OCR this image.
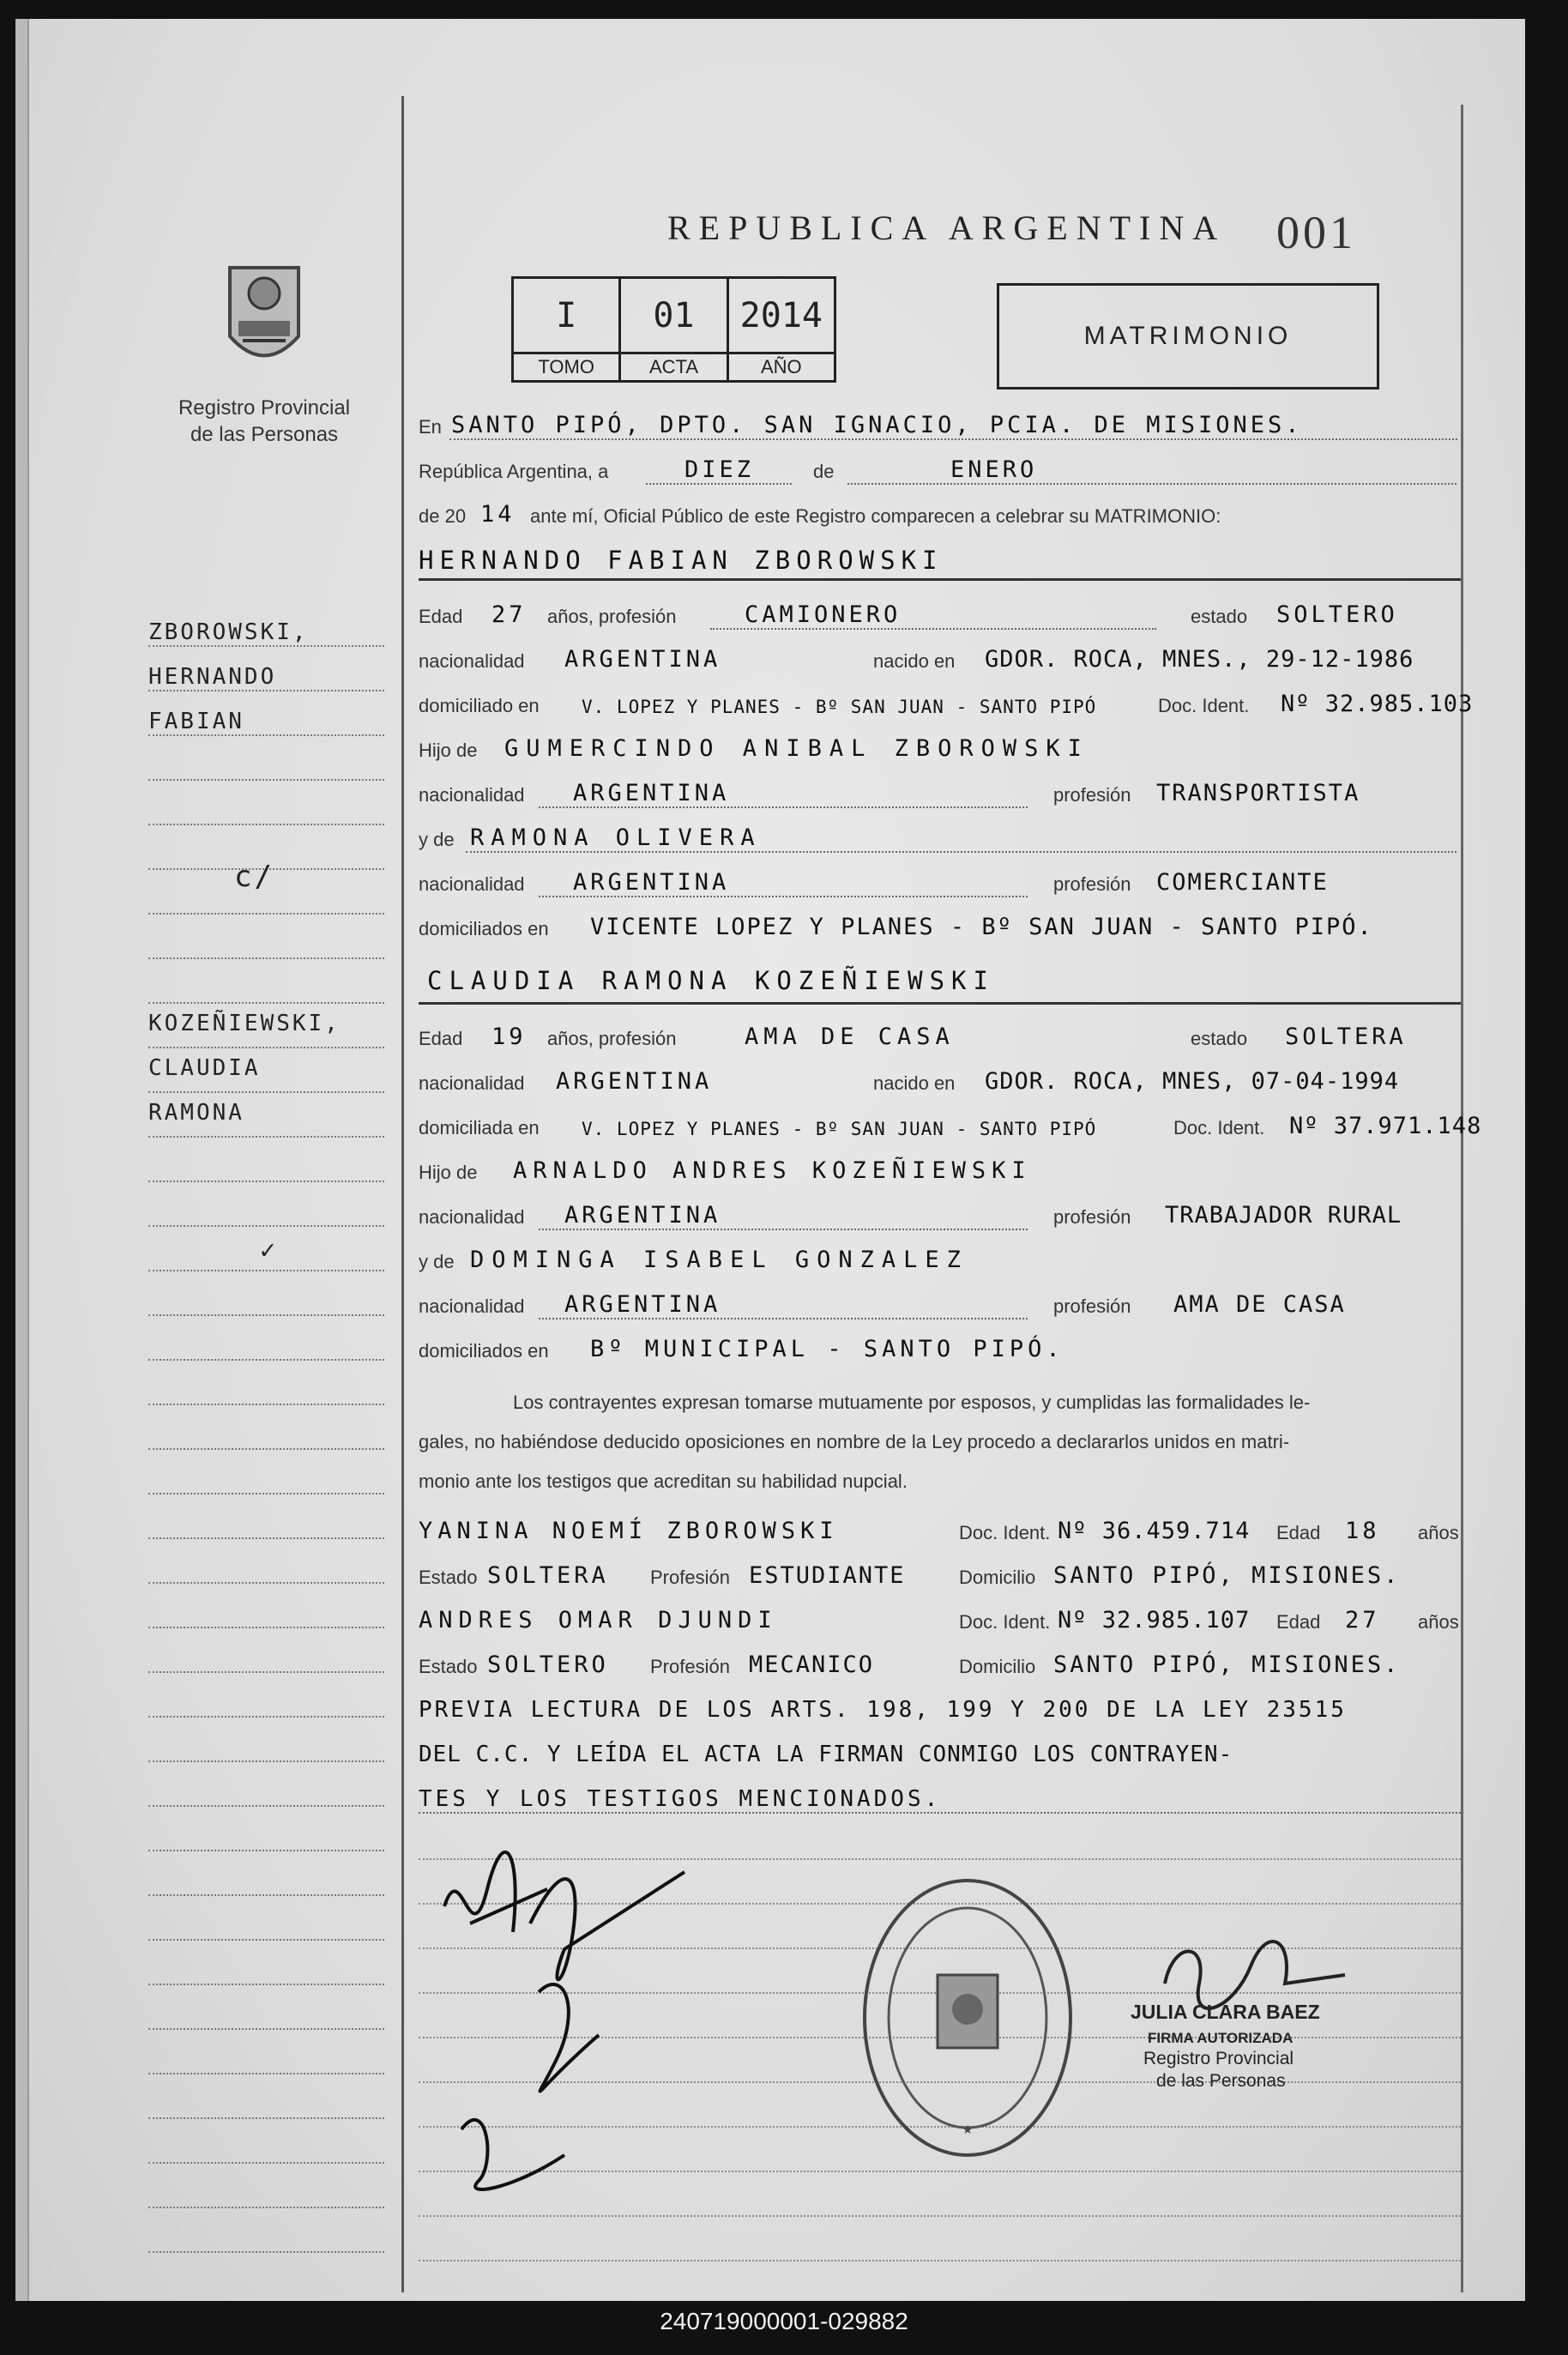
REPUBLICA ARGENTINA 001
Registro Provincial
de las Personas
I
TOMO
01
ACTA
2014
AÑO
MATRIMONIO
ZBOROWSKI,
HERNANDO
FABIAN
c/
KOZEÑIEWSKI,
CLAUDIA
RAMONA
✓
En SANTO PIPÓ, DPTO. SAN IGNACIO, PCIA. DE MISIONES.
República Argentina, a	DIEZ	de	ENERO
de 20 14 ante mí, Oficial Público de este Registro comparecen a celebrar su MATRIMONIO:
HERNANDO FABIAN ZBOROWSKI
Edad 27 años, profesión	CAMIONERO	estado SOLTERO
nacionalidad ARGENTINA	nacido en GDOR. ROCA, MNES., 29-12-1986
domiciliado en V. LOPEZ Y PLANES - Bº SAN JUAN - SANTO PIPÓ	Doc. Ident. Nº 32.985.103
Hijo de GUMERCINDO ANIBAL ZBOROWSKI
nacionalidad ARGENTINA	profesión TRANSPORTISTA
y de RAMONA OLIVERA
nacionalidad ARGENTINA	profesión COMERCIANTE
domiciliados en VICENTE LOPEZ Y PLANES - Bº SAN JUAN - SANTO PIPÓ.
CLAUDIA RAMONA KOZEÑIEWSKI
Edad 19 años, profesión	AMA DE CASA	estado SOLTERA
nacionalidad ARGENTINA	nacido en GDOR. ROCA, MNES, 07-04-1994
domiciliada en V. LOPEZ Y PLANES - Bº SAN JUAN - SANTO PIPÓ	Doc. Ident. Nº 37.971.148
Hijo de ARNALDO ANDRES KOZEÑIEWSKI
nacionalidad ARGENTINA	profesión TRABAJADOR RURAL
y de DOMINGA ISABEL GONZALEZ
nacionalidad ARGENTINA	profesión AMA DE CASA
domiciliados en Bº MUNICIPAL - SANTO PIPÓ.
Los contrayentes expresan tomarse mutuamente por esposos, y cumplidas las formalidades le-
gales, no habiéndose deducido oposiciones en nombre de la Ley procedo a declararlos unidos en matri-
monio ante los testigos que acreditan su habilidad nupcial.
YANINA NOEMÍ ZBOROWSKI	Doc. Ident. Nº 36.459.714 Edad 18 años
Estado SOLTERA Profesión ESTUDIANTE	Domicilio SANTO PIPÓ, MISIONES.
ANDRES OMAR DJUNDI	Doc. Ident. Nº 32.985.107 Edad 27 años
Estado SOLTERO Profesión MECANICO	Domicilio SANTO PIPÓ, MISIONES.
PREVIA LECTURA DE LOS ARTS. 198, 199 Y 200 DE LA LEY 23515
DEL C.C. Y LEÍDA EL ACTA LA FIRMAN CONMIGO LOS CONTRAYEN-
TES Y LOS TESTIGOS MENCIONADOS.
★
JULIA CLARA BAEZ
FIRMA AUTORIZADA
Registro Provincial
de las Personas
240719000001-029882
